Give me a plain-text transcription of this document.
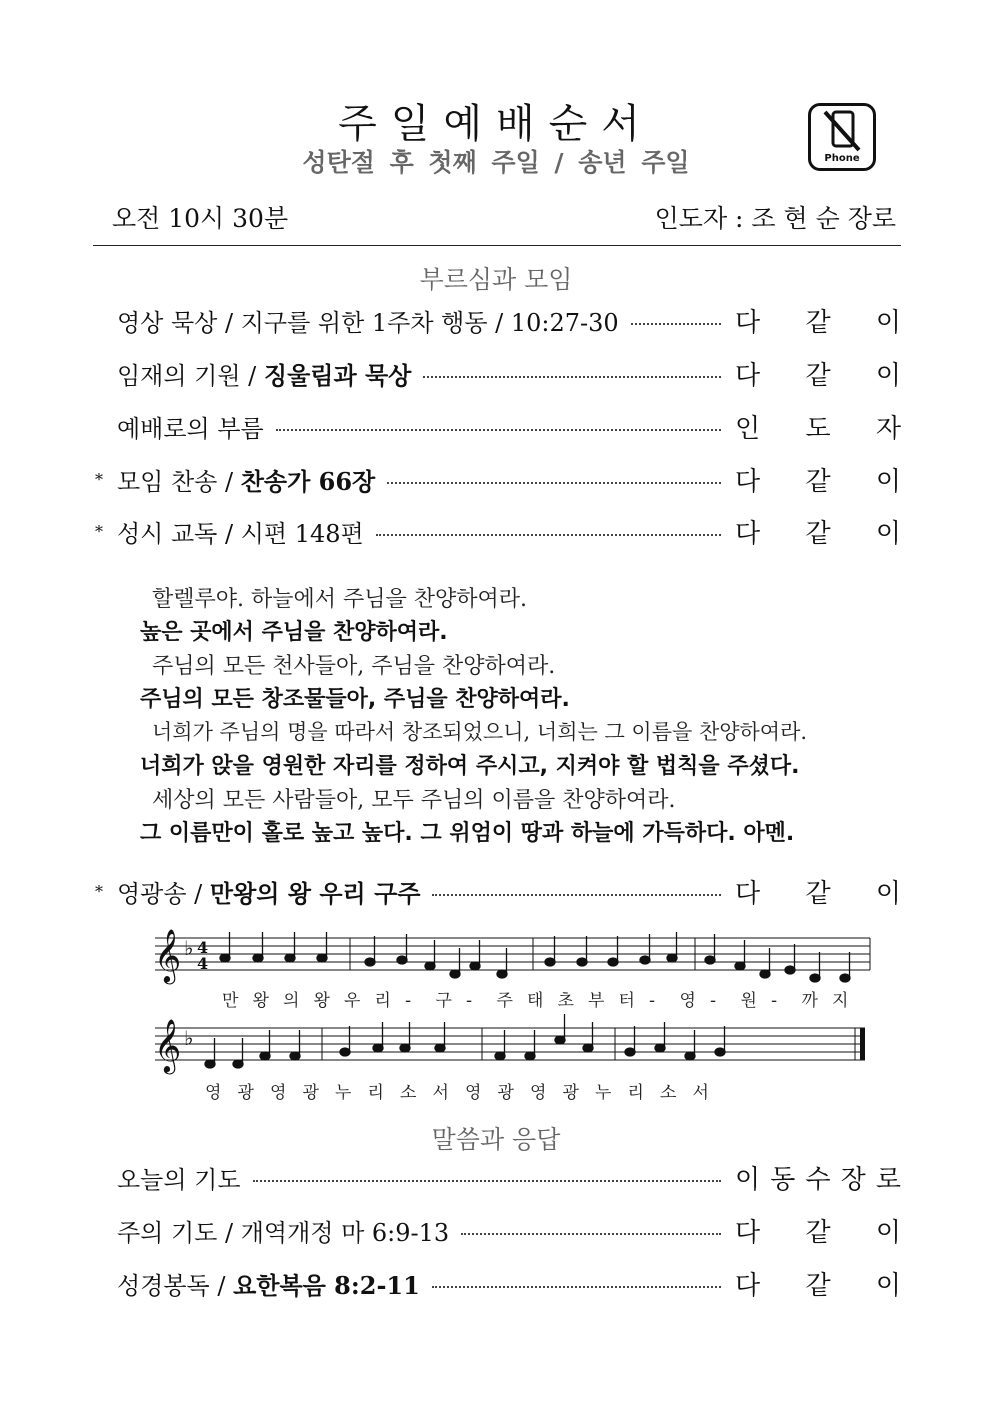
주일예배순서
성탄절 후 첫째 주일 / 송년 주일	Phone
오전 10시 30분	인도자 : 조 현 순 장로
부르심과 모임
영상 묵상 / 지구를 위한 1주차 행동 / 10:27-30	다 같 이
임재의 기원 / 징울림과 묵상	다 같 이
예배로의 부름	인 도 자
* 모임 찬송 / 찬송가 66장	다 같 이
* 성시 교독 / 시편 148편	다 같 이
할렐루야. 하늘에서 주님을 찬양하여라.
높은 곳에서 주님을 찬양하여라.
주님의 모든 천사들아, 주님을 찬양하여라.
주님의 모든 창조물들아, 주님을 찬양하여라.
너희가 주님의 명을 따라서 창조되었으니, 너희는 그 이름을 찬양하여라.
너희가 앉을 영원한 자리를 정하여 주시고, 지켜야 할 법칙을 주셨다.
세상의 모든 사람들아, 모두 주님의 이름을 찬양하여라.
그 이름만이 홀로 높고 높다. 그 위엄이 땅과 하늘에 가득하다. 아멘.
* 영광송 / 만왕의 왕 우리 구주	다 같 이
𝄞 ♭ 4
4
𝄞 ♭
만 왕 의 왕 우 리 - 구 - 주 태 초 부 터 - 영 - 원 - 까 지
영 광 영 광 누 리 소 서 영 광 영 광 누 리 소 서
말씀과 응답
오늘의 기도	이 동 수 장 로
주의 기도 / 개역개정 마 6:9-13	다 같 이
성경봉독 / 요한복음 8:2-11	다 같 이
